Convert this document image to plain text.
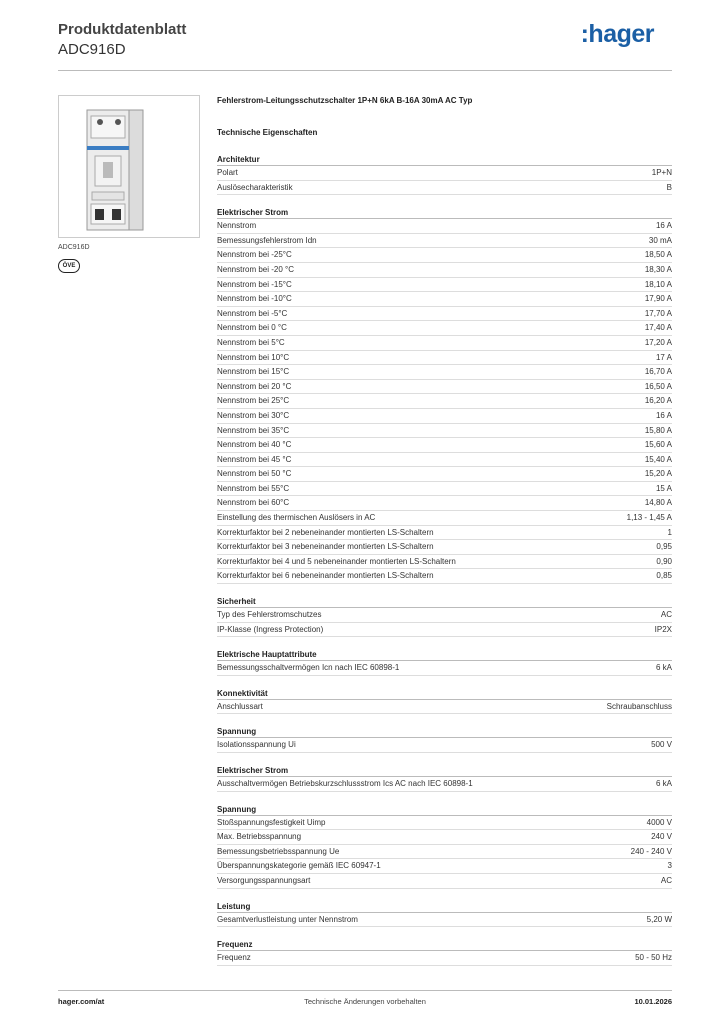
Produktdatenblatt
ADC916D
:hager
ADC916D
ÖVE
Fehlerstrom-Leitungsschutzschalter 1P+N 6kA B-16A 30mA AC Typ
Technische Eigenschaften
Architektur
Polart	1P+N
Auslösecharakteristik	B
Elektrischer Strom
Nennstrom	16 A
Bemessungsfehlerstrom Idn	30 mA
Nennstrom bei -25°C	18,50 A
Nennstrom bei -20 °C	18,30 A
Nennstrom bei -15°C	18,10 A
Nennstrom bei -10°C	17,90 A
Nennstrom bei -5°C	17,70 A
Nennstrom bei 0 °C	17,40 A
Nennstrom bei 5°C	17,20 A
Nennstrom bei 10°C	17 A
Nennstrom bei 15°C	16,70 A
Nennstrom bei 20 °C	16,50 A
Nennstrom bei 25°C	16,20 A
Nennstrom bei 30°C	16 A
Nennstrom bei 35°C	15,80 A
Nennstrom bei 40 °C	15,60 A
Nennstrom bei 45 °C	15,40 A
Nennstrom bei 50 °C	15,20 A
Nennstrom bei 55°C	15 A
Nennstrom bei 60°C	14,80 A
Einstellung des thermischen Auslösers in AC	1,13 - 1,45 A
Korrekturfaktor bei 2 nebeneinander montierten LS-Schaltern	1
Korrekturfaktor bei 3 nebeneinander montierten LS-Schaltern	0,95
Korrekturfaktor bei 4 und 5 nebeneinander montierten LS-Schaltern	0,90
Korrekturfaktor bei 6 nebeneinander montierten LS-Schaltern	0,85
Sicherheit
Typ des Fehlerstromschutzes	AC
IP-Klasse (Ingress Protection)	IP2X
Elektrische Hauptattribute
Bemessungsschaltvermögen Icn nach IEC 60898-1	6 kA
Konnektivität
Anschlussart	Schraubanschluss
Spannung
Isolationsspannung Ui	500 V
Elektrischer Strom
Ausschaltvermögen Betriebskurzschlussstrom Ics AC nach IEC 60898-1	6 kA
Spannung
Stoßspannungsfestigkeit Uimp	4000 V
Max. Betriebsspannung	240 V
Bemessungsbetriebsspannung Ue	240 - 240 V
Überspannungskategorie gemäß IEC 60947-1	3
Versorgungsspannungsart	AC
Leistung
Gesamtverlustleistung unter Nennstrom	5,20 W
Frequenz
Frequenz	50 - 50 Hz
hager.com/at	Technische Änderungen vorbehalten	10.01.2026
